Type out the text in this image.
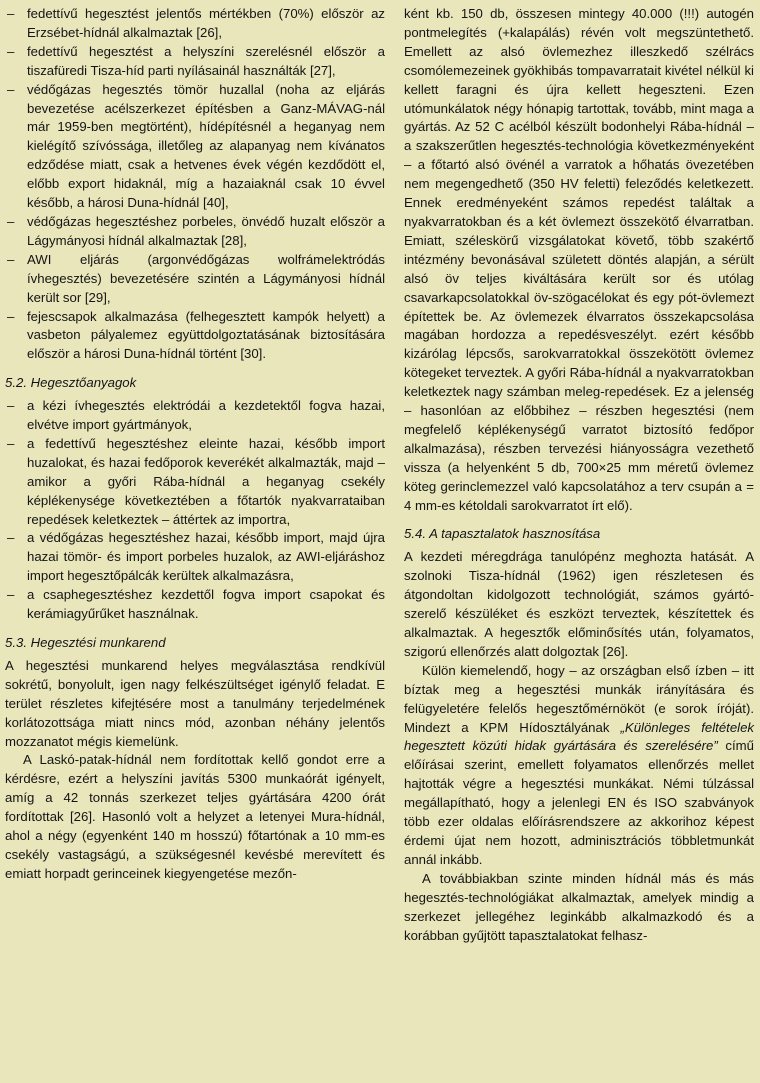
– fedettívű hegesztést jelentős mértékben (70%) először az Erzsébet-hídnál alkalmaztak [26],
– fedettívű hegesztést a helyszíni szerelésnél először a tiszafüredi Tisza-híd parti nyílásainál használták [27],
– védőgázas hegesztés tömör huzallal (noha az eljárás bevezetése acélszerkezet építésben a Ganz-MÁVAG-nál már 1959-ben megtörtént), hídépítésnél a heganyag nem kielégítő szívóssága, illetőleg az alapanyag nem kívánatos edződése miatt, csak a hetvenes évek végén kezdődött el, előbb export hidaknál, míg a hazaiaknál csak 10 évvel később, a hárosi Duna-hídnál [40],
– védőgázas hegesztéshez porbeles, önvédő huzalt először a Lágymányosi hídnál alkalmaztak [28],
– AWI eljárás (argonvédőgázas wolfrámelektródás ívhegesztés) bevezetésére szintén a Lágymányosi hídnál került sor [29],
– fejescsapok alkalmazása (felhegesztett kampók helyett) a vasbeton pályalemez együttdolgoztatásának biztosítására először a hárosi Duna-hídnál történt [30].
5.2. Hegesztőanyagok
– a kézi ívhegesztés elektródái a kezdetektől fogva hazai, elvétve import gyártmányok,
– a fedettívű hegesztéshez eleinte hazai, később import huzalokat, és hazai fedőporok keverékét alkalmazták, majd – amikor a győri Rába-hídnál a heganyag csekély képlékenysége következtében a főtartók nyakvarrataiban repedések keletkeztek – áttértek az importra,
– a védőgázas hegesztéshez hazai, később import, majd újra hazai tömör- és import porbeles huzalok, az AWI-eljáráshoz import hegesztőpálcák kerültek alkalmazásra,
– a csaphegesztéshez kezdettől fogva import csapokat és kerámiagyűrűket használnak.
5.3. Hegesztési munkarend

A hegesztési munkarend helyes megválasztása rendkívül sokrétű, bonyolult, igen nagy felkészültséget igénylő feladat. E terület részletes kifejtésére most a tanulmány terjedelmének korlátozottsága miatt nincs mód, azonban néhány jelentős mozzanatot mégis kiemelünk.

A Laskó-patak-hídnál nem fordítottak kellő gondot erre a kérdésre, ezért a helyszíni javítás 5300 munkaórát igényelt, amíg a 42 tonnás szerkezet teljes gyártására 4200 órát fordítottak [26]. Hasonló volt a helyzet a letenyei Mura-hídnál, ahol a négy (egyenként 140 m hosszú) főtartónak a 10 mm-es csekély vastagságú, a szükségesnél kevésbé merevített és emiatt horpadt gerinceinek kiegyengetése mezőn-

ként kb. 150 db, összesen mintegy 40.000 (!!!) autogén pontmelegítés (+kalapálás) révén volt megszüntethető. Emellett az alsó övlemezhez illeszkedő szélrács csomólemezeinek gyökhibás tompavarratait kivétel nélkül ki kellett faragni és újra kellett hegeszteni. Ezen utómunkálatok négy hónapig tartottak, tovább, mint maga a gyártás. Az 52 C acélból készült bodonhelyi Rába-hídnál – a szakszerűtlen hegesztés-technológia következményeként – a főtartó alsó övénél a varratok a hőhatás övezetében nem megengedhető (350 HV feletti) feleződés keletkezett. Ennek eredményeként számos repedést találtak a nyakvarratokban és a két övlemezt összekötő élvarratban. Emiatt, széleskörű vizsgálatokat követő, több szakértő intézmény bevonásával született döntés alapján, a sérült alsó öv teljes kiváltására került sor és utólag csavarkapcsolatokkal öv-szögacélokat és egy pót-övlemezt építettek be. Az övlemezek élvarratos összekapcsolása magában hordozza a repedésveszélyt. ezért később kizárólag lépcsős, sarokvarratokkal összekötött övlemez kötegeket terveztek. A győri Rába-hídnál a nyakvarratokban keletkeztek nagy számban meleg-repedések. Ez a jelenség – hasonlóan az előbbihez – részben hegesztési (nem megfelelő képlékenységű varratot biztosító fedőpor alkalmazása), részben tervezési hiányosságra vezethető vissza (a helyenként 5 db, 700×25 mm méretű övlemez köteg gerinclemezzel való kapcsolatához a terv csupán a = 4 mm-es kétoldali sarokvarratot írt elő).

5.4. A tapasztalatok hasznosítása

A kezdeti méregdrága tanulópénz meghozta hatását. A szolnoki Tisza-hídnál (1962) igen részletesen és átgondoltan kidolgozott technológiát, számos gyártó-szerelő készüléket és eszközt terveztek, készítettek és alkalmaztak. A hegesztők előminősítés után, folyamatos, szigorú ellenőrzés alatt dolgoztak [26].

Külön kiemelendő, hogy – az országban első ízben – itt bíztak meg a hegesztési munkák irányítására és felügyeletére felelős hegesztőmérnököt (e sorok íróját). Mindezt a KPM Hídosztályának „Különleges feltételek hegesztett közúti hidak gyártására és szerelésére” című előírásai szerint, emellett folyamatos ellenőrzés mellet hajtották végre a hegesztési munkákat. Némi túlzással megállapítható, hogy a jelenlegi EN és ISO szabványok több ezer oldalas előírásrendszere az akkorihoz képest érdemi újat nem hozott, adminisztrációs többletmunkát annál inkább.

A továbbiakban szinte minden hídnál más és más hegesztés-technológiákat alkalmaztak, amelyek mindig a szerkezet jellegéhez leginkább alkalmazkodó és a korábban gyűjtött tapasztalatokat felhasz-
